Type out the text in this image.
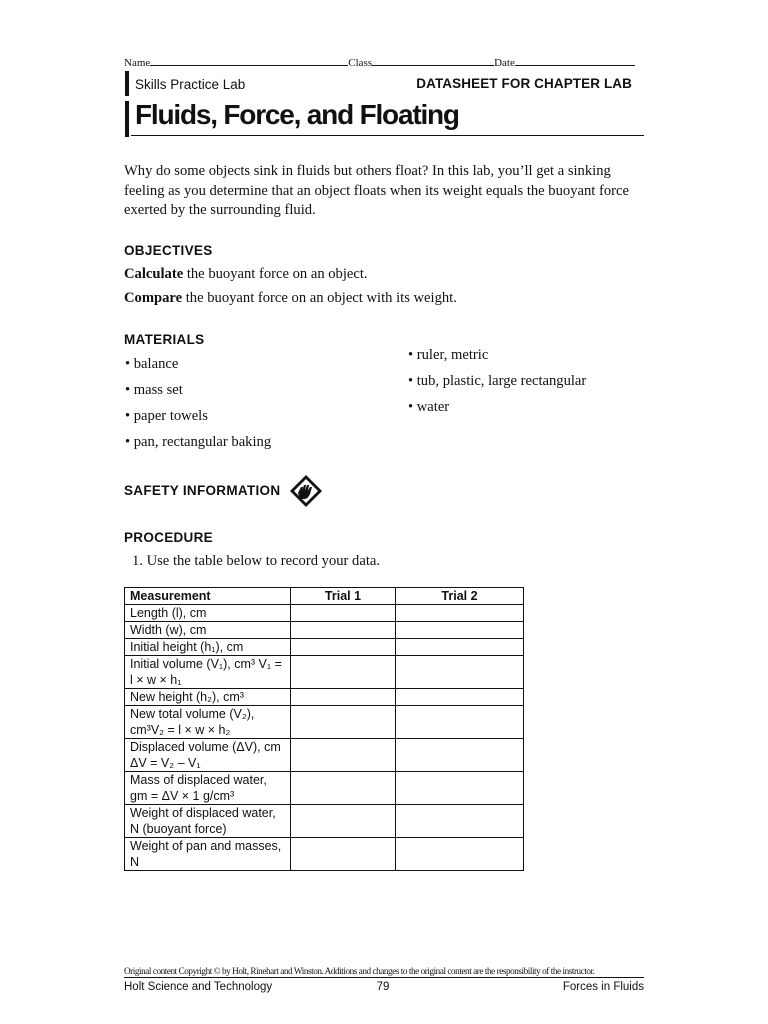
Name	Class	Date
Skills Practice Lab	DATASHEET FOR CHAPTER LAB
Fluids, Force, and Floating
Why do some objects sink in fluids but others float? In this lab, you’ll get a sinking feeling as you determine that an object floats when its weight equals the buoyant force exerted by the surrounding fluid.
OBJECTIVES
Calculate the buoyant force on an object.
Compare the buoyant force on an object with its weight.
MATERIALS
• balance
• mass set
• paper towels
• pan, rectangular baking
• ruler, metric
• tub, plastic, large rectangular
• water
SAFETY INFORMATION
PROCEDURE
1. Use the table below to record your data.
Measurement	Trial 1	Trial 2
Length (l), cm		
Width (w), cm		
Initial height (h₁), cm		
Initial volume (V₁), cm³ V₁ = l × w × h₁		
New height (h₂), cm³		
New total volume (V₂), cm³V₂ = l × w × h₂		
Displaced volume (ΔV), cm ΔV = V₂ – V₁		
Mass of displaced water, gm = ΔV × 1 g/cm³		
Weight of displaced water, N (buoyant force)		
Weight of pan and masses, N		
Original content Copyright © by Holt, Rinehart and Winston. Additions and changes to the original content are the responsibility of the instructor.
Holt Science and Technology	79	Forces in Fluids
